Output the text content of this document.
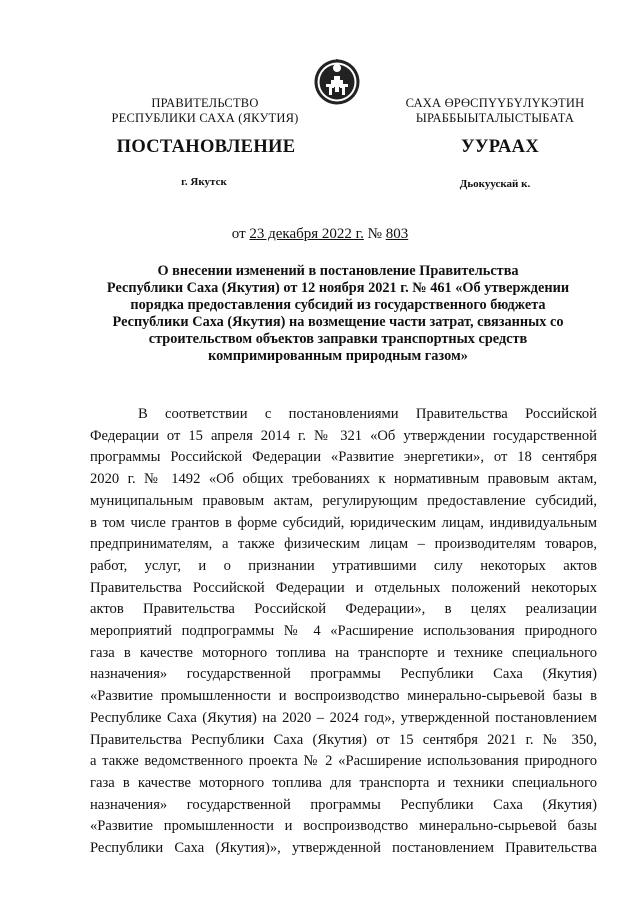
ПРАВИТЕЛЬСТВО
РЕСПУБЛИКИ САХА (ЯКУТИЯ)
САХА ӨРӨСПҮҮБҮЛҮКЭТИН
ЫРАББЫЫТАЛЫСТЫБАТА
ПОСТАНОВЛЕНИЕ	УУРААХ
г. Якутск	Дьокуускай к.
от 23 декабря 2022 г. № 803
О внесении изменений в постановление Правительства
Республики Саха (Якутия) от 12 ноября 2021 г. № 461 «Об утверждении
порядка предоставления субсидий из государственного бюджета
Республики Саха (Якутия) на возмещение части затрат, связанных со
строительством объектов заправки транспортных средств
компримированным природным газом»
В соответствии с постановлениями Правительства Российской
Федерации от 15 апреля 2014 г. № 321 «Об утверждении государственной
программы Российской Федерации «Развитие энергетики», от 18 сентября
2020 г. № 1492 «Об общих требованиях к нормативным правовым актам,
муниципальным правовым актам, регулирующим предоставление субсидий,
в том числе грантов в форме субсидий, юридическим лицам, индивидуальным
предпринимателям, а также физическим лицам – производителям товаров,
работ, услуг, и о признании утратившими силу некоторых актов
Правительства Российской Федерации и отдельных положений некоторых
актов Правительства Российской Федерации», в целях реализации
мероприятий подпрограммы № 4 «Расширение использования природного
газа в качестве моторного топлива на транспорте и технике специального
назначения» государственной программы Республики Саха (Якутия)
«Развитие промышленности и воспроизводство минерально-сырьевой базы в
Республике Саха (Якутия) на 2020 – 2024 год», утвержденной постановлением
Правительства Республики Саха (Якутия) от 15 сентября 2021 г. № 350,
а также ведомственного проекта № 2 «Расширение использования природного
газа в качестве моторного топлива для транспорта и техники специального
назначения» государственной программы Республики Саха (Якутия)
«Развитие промышленности и воспроизводство минерально-сырьевой базы
Республики Саха (Якутия)», утвержденной постановлением Правительства
